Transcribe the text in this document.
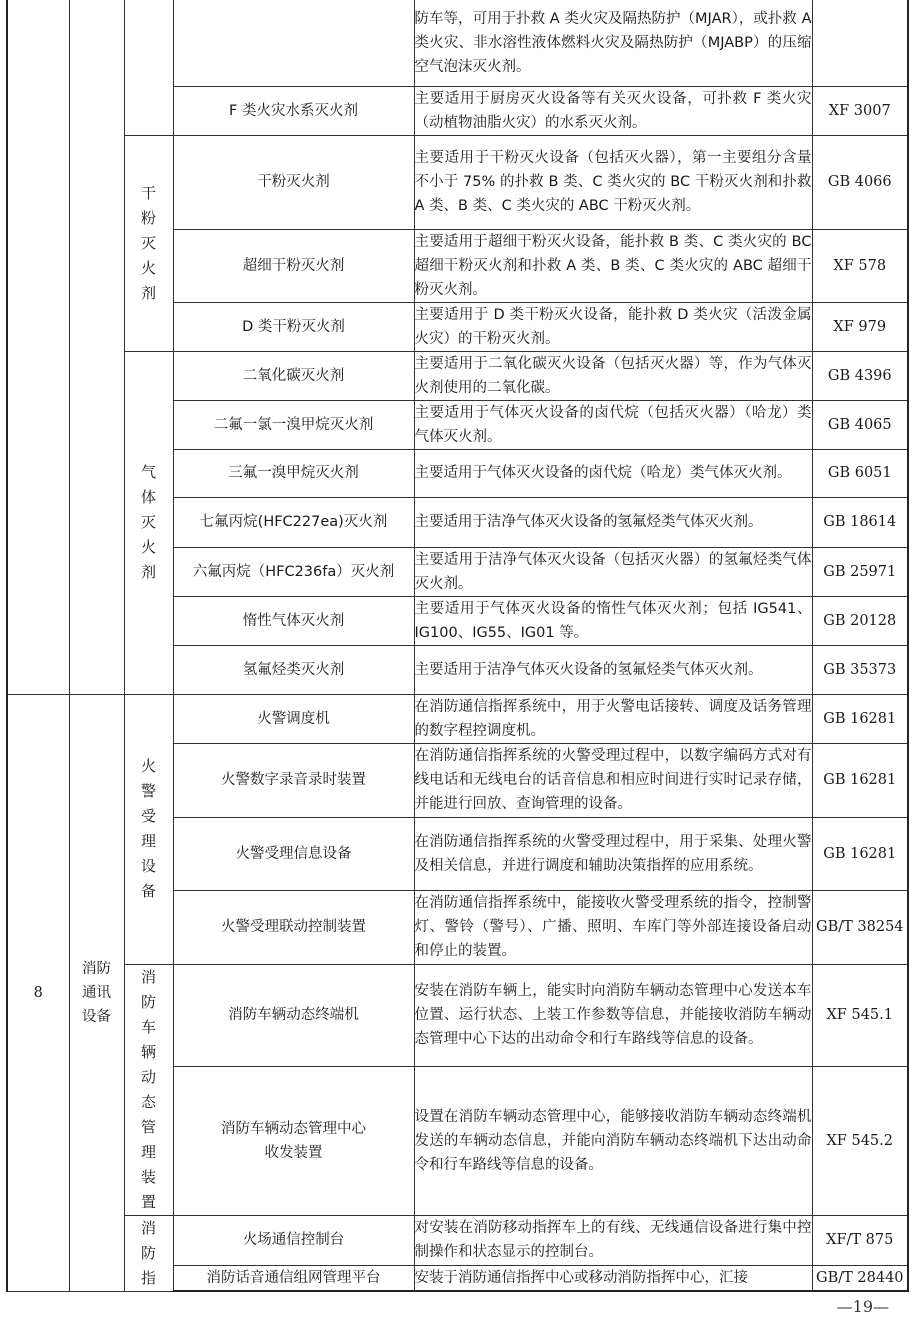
				防车等，可用于扑救 A 类火灾及隔热防护（MJAR），或扑救 A 类火灾、非水溶性液体燃料火灾及隔热防护（MJABP）的压缩空气泡沫灭火剂。	
			F 类火灾水系灭火剂	主要适用于厨房灭火设备等有关灭火设备，可扑救 F 类火灾（动植物油脂火灾）的水系灭火剂。	XF 3007
		干粉灭火剂	干粉灭火剂	主要适用于干粉灭火设备（包括灭火器），第一主要组分含量不小于 75% 的扑救 B 类、C 类火灾的 BC 干粉灭火剂和扑救 A 类、B 类、C 类火灾的 ABC 干粉灭火剂。	GB 4066
			超细干粉灭火剂	主要适用于超细干粉灭火设备，能扑救 B 类、C 类火灾的 BC 超细干粉灭火剂和扑救 A 类、B 类、C 类火灾的 ABC 超细干粉灭火剂。	XF 578
			D 类干粉灭火剂	主要适用于 D 类干粉灭火设备，能扑救 D 类火灾（活泼金属火灾）的干粉灭火剂。	XF 979
		气体灭火剂	二氧化碳灭火剂	主要适用于二氧化碳灭火设备（包括灭火器）等，作为气体灭火剂使用的二氧化碳。	GB 4396
			二氟一氯一溴甲烷灭火剂	主要适用于气体灭火设备的卤代烷（包括灭火器）（哈龙）类气体灭火剂。	GB 4065
			三氟一溴甲烷灭火剂	主要适用于气体灭火设备的卤代烷（哈龙）类气体灭火剂。	GB 6051
			七氟丙烷(HFC227ea)灭火剂	主要适用于洁净气体灭火设备的氢氟烃类气体灭火剂。	GB 18614
			六氟丙烷（HFC236fa）灭火剂	主要适用于洁净气体灭火设备（包括灭火器）的氢氟烃类气体灭火剂。	GB 25971
			惰性气体灭火剂	主要适用于气体灭火设备的惰性气体灭火剂；包括 IG541、IG100、IG55、IG01 等。	GB 20128
			氢氟烃类灭火剂	主要适用于洁净气体灭火设备的氢氟烃类气体灭火剂。	GB 35373
8	消防通讯设备	火警受理设备	火警调度机	在消防通信指挥系统中，用于火警电话接转、调度及话务管理的数字程控调度机。	GB 16281
			火警数字录音录时装置	在消防通信指挥系统的火警受理过程中，以数字编码方式对有线电话和无线电台的话音信息和相应时间进行实时记录存储，并能进行回放、查询管理的设备。	GB 16281
			火警受理信息设备	在消防通信指挥系统的火警受理过程中，用于采集、处理火警及相关信息，并进行调度和辅助决策指挥的应用系统。	GB 16281
			火警受理联动控制装置	在消防通信指挥系统中，能接收火警受理系统的指令，控制警灯、警铃（警号）、广播、照明、车库门等外部连接设备启动和停止的装置。	GB/T 38254
		消防车辆动态管理装置	消防车辆动态终端机	安装在消防车辆上，能实时向消防车辆动态管理中心发送本车位置、运行状态、上装工作参数等信息，并能接收消防车辆动态管理中心下达的出动命令和行车路线等信息的设备。	XF 545.1
			消防车辆动态管理中心收发装置	设置在消防车辆动态管理中心，能够接收消防车辆动态终端机发送的车辆动态信息，并能向消防车辆动态终端机下达出动命令和行车路线等信息的设备。	XF 545.2
		消防指	火场通信控制台	对安装在消防移动指挥车上的有线、无线通信设备进行集中控制操作和状态显示的控制台。	XF/T 875
			消防话音通信组网管理平台	安装于消防通信指挥中心或移动消防指挥中心，汇接	GB/T 28440
—19—
